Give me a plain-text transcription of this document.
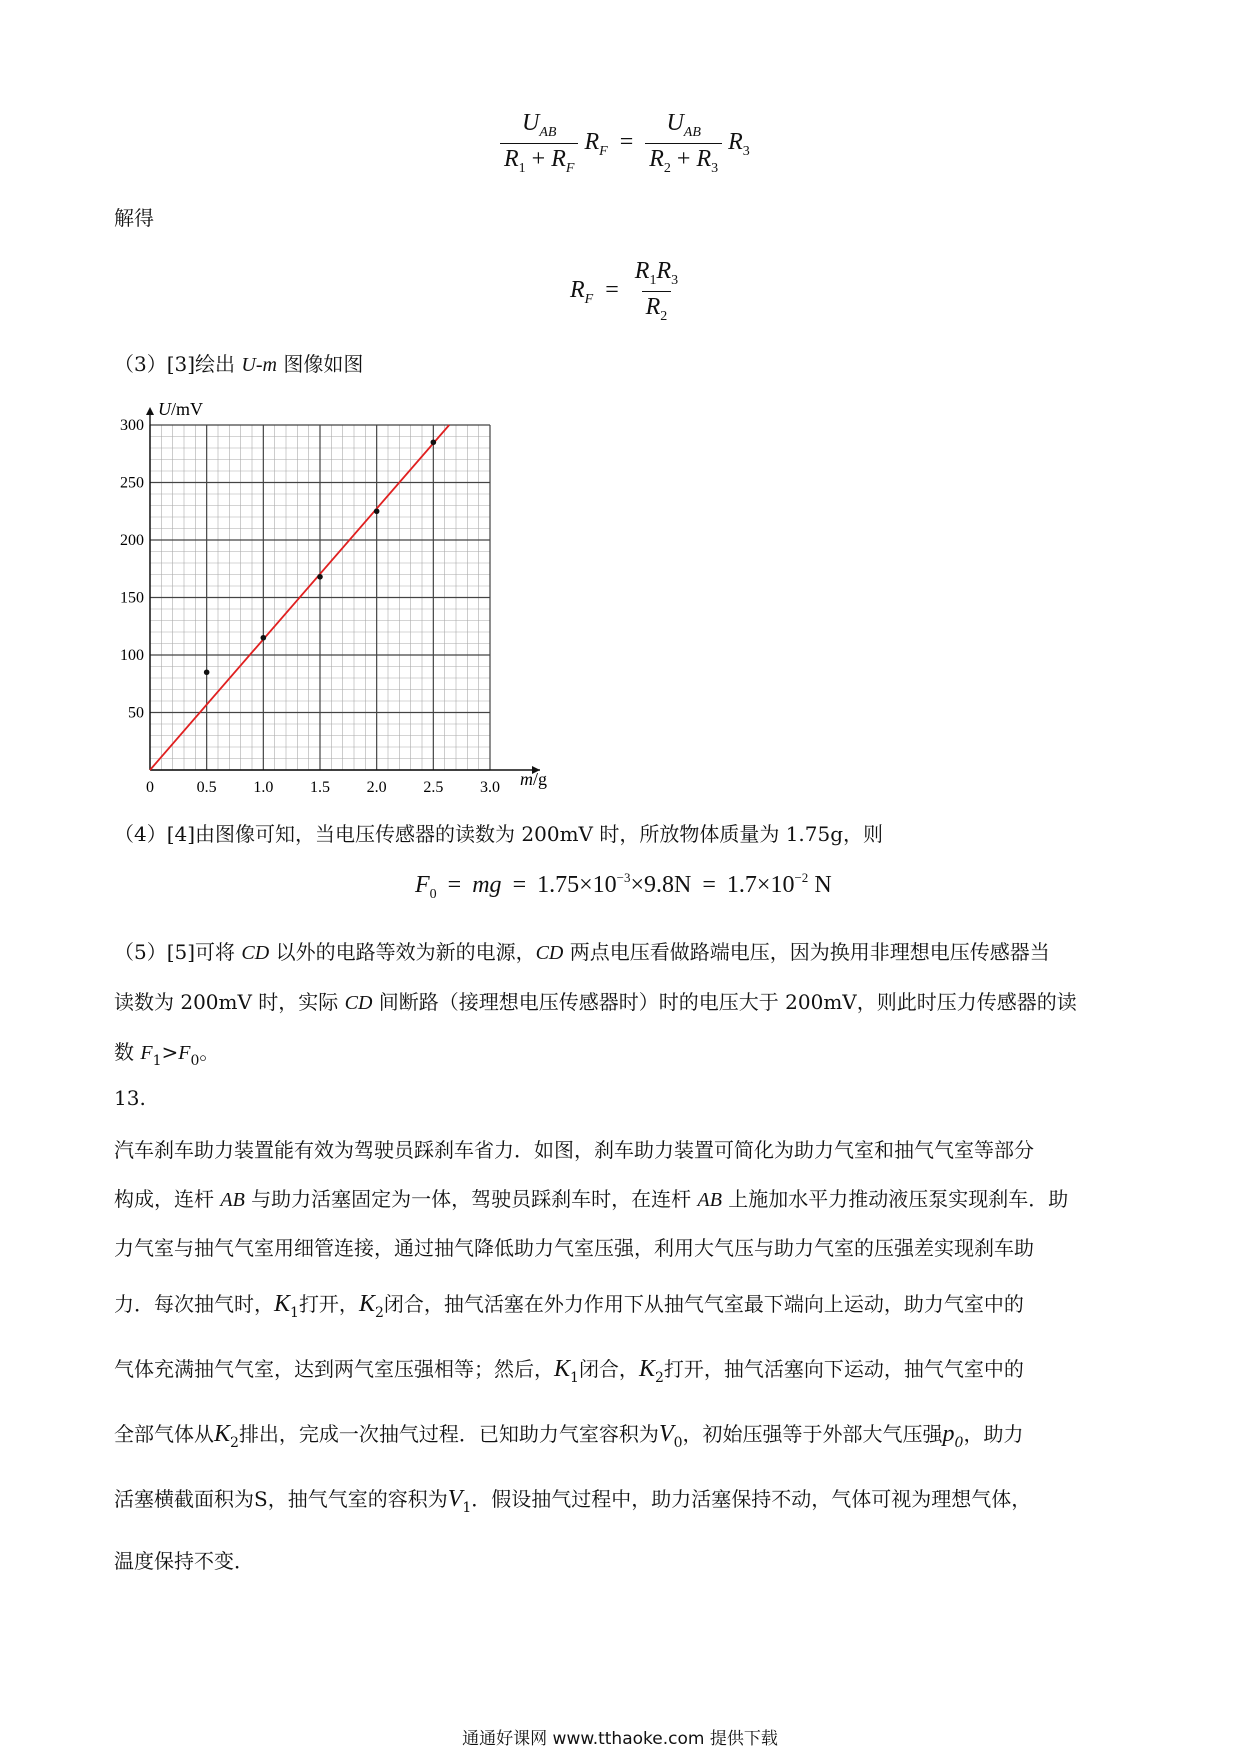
$\frac{U_{AB}}{R_1 + R_F} R_F = \frac{U_{AB}}{R_2 + R_3} R_3$
解得
$R_F = \frac{R_1R_3}{R_2}$
（3）[3]绘出 U-m 图像如图
0	0.5 1.0 1.5 2.0 2.5 3.0
50
100
150
200
250
300
U/mV
m/g
（4）[4]由图像可知，当电压传感器的读数为 200mV 时，所放物体质量为 1.75g，则
$F_0$ = mg = $1.75\times 10^{-3}\times 9.8N = 1.7\times 10^{-2}$ N
（5）[5]可将 CD 以外的电路等效为新的电源，CD 两点电压看做路端电压，因为换用非理想电压传感器当
读数为 200mV 时，实际 CD 间断路（接理想电压传感器时）时的电压大于 200mV，则此时压力传感器的读
数 $F_1>F_0$。
13.
汽车刹车助力装置能有效为驾驶员踩刹车省力．如图，刹车助力装置可简化为助力气室和抽气气室等部分
构成，连杆 AB 与助力活塞固定为一体，驾驶员踩刹车时，在连杆 AB 上施加水平力推动液压泵实现刹车．助
力气室与抽气气室用细管连接，通过抽气降低助力气室压强，利用大气压与助力气室的压强差实现刹车助
力．每次抽气时，$K_1$打开，$K_2$闭合，抽气活塞在外力作用下从抽气气室最下端向上运动，助力气室中的
气体充满抽气气室，达到两气室压强相等；然后，$K_1$闭合，$K_2$打开，抽气活塞向下运动，抽气气室中的
全部气体从$K_2$排出，完成一次抽气过程．已知助力气室容积为$V_0$，初始压强等于外部大气压强$p_0$，助力
活塞横截面积为S，抽气气室的容积为$V_1$．假设抽气过程中，助力活塞保持不动，气体可视为理想气体，
温度保持不变．
通通好课网 www.tthaoke.com 提供下载
